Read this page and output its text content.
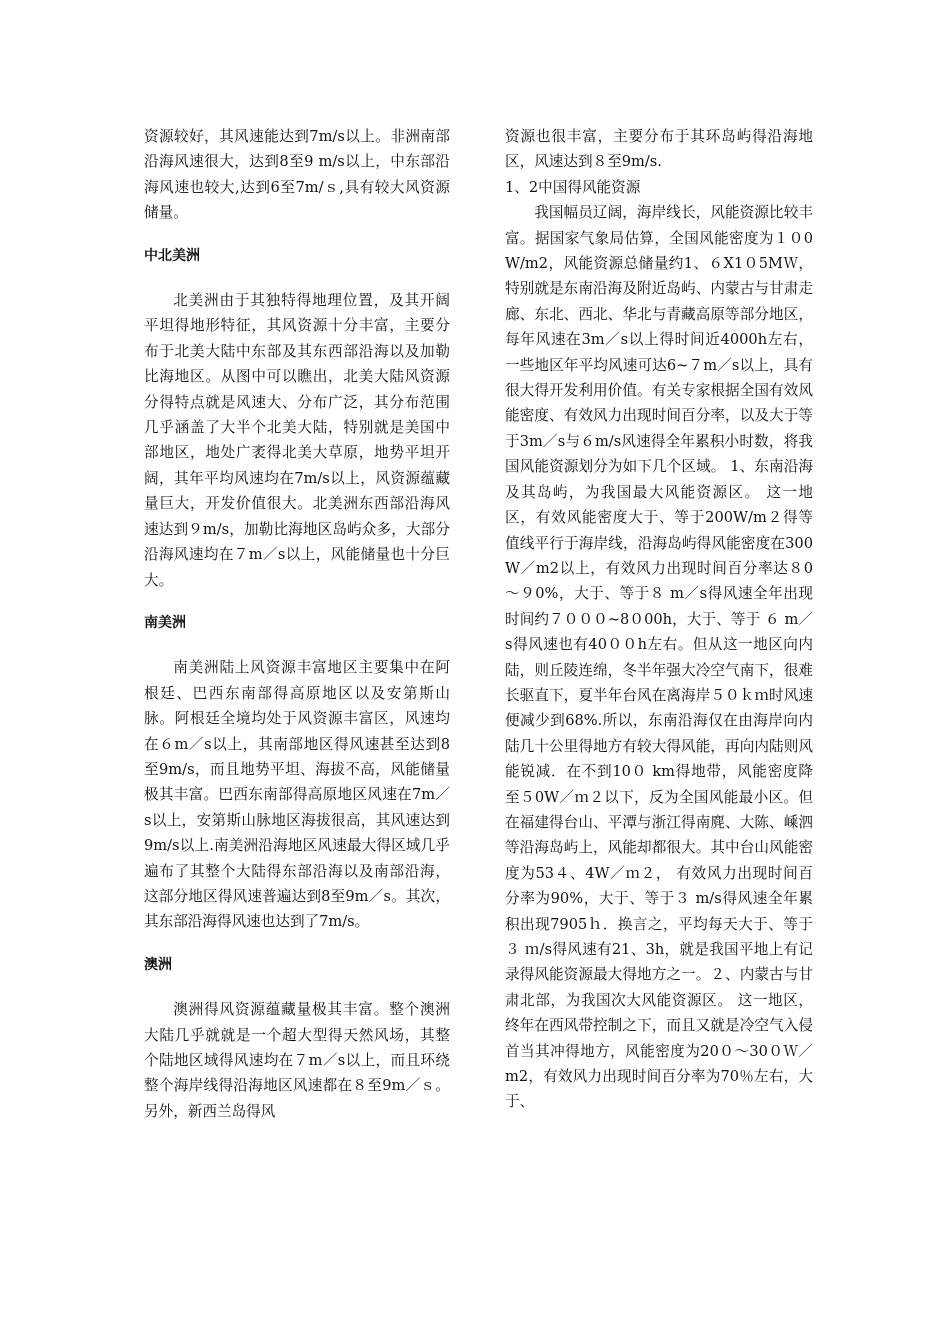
资源较好，其风速能达到7m/s以上。非洲南部沿海风速很大，达到8至9 m/s以上，中东部沿海风速也较大,达到6至7m/ｓ,具有较大风资源储量。

中北美洲

北美洲由于其独特得地理位置，及其开阔平坦得地形特征，其风资源十分丰富，主要分布于北美大陆中东部及其东西部沿海以及加勒比海地区。从图中可以瞧出，北美大陆风资源分得特点就是风速大、分布广泛，其分布范围几乎涵盖了大半个北美大陆，特别就是美国中部地区，地处广袤得北美大草原，地势平坦开阔，其年平均风速均在7m/s以上，风资源蕴藏量巨大，开发价值很大。北美洲东西部沿海风速达到９m/s，加勒比海地区岛屿众多，大部分沿海风速均在７m／s以上，风能储量也十分巨大。

南美洲

南美洲陆上风资源丰富地区主要集中在阿根廷、巴西东南部得高原地区以及安第斯山脉。阿根廷全境均处于风资源丰富区，风速均在６m／s以上，其南部地区得风速甚至达到8至9m/s，而且地势平坦、海拔不高，风能储量极其丰富。巴西东南部得高原地区风速在7m／s以上，安第斯山脉地区海拔很高，其风速达到9m/s以上.南美洲沿海地区风速最大得区域几乎遍布了其整个大陆得东部沿海以及南部沿海，这部分地区得风速普遍达到8至9m／s。其次，其东部沿海得风速也达到了7m/s。

澳洲

澳洲得风资源蕴藏量极其丰富。整个澳洲大陆几乎就就是一个超大型得天然风场，其整个陆地区域得风速均在７m／s以上，而且环绕整个海岸线得沿海地区风速都在８至9m／ｓ。另外，新西兰岛得风

资源也很丰富，主要分布于其环岛屿得沿海地区，风速达到８至9m/s.

1、2中国得风能资源

我国幅员辽阔，海岸线长，风能资源比较丰富。据国家气象局估算，全国风能密度为１０0W/m2，风能资源总储量约1、６X1０5MＷ，特别就是东南沿海及附近岛屿、内蒙古与甘肃走廊、东北、西北、华北与青藏高原等部分地区，每年风速在3m／s以上得时间近4000h左右，一些地区年平均风速可达6~７m／s以上，具有很大得开发利用价值。有关专家根据全国有效风能密度、有效风力出现时间百分率，以及大于等于3m／s与６m/s风速得全年累积小时数，将我国风能资源划分为如下几个区域。 1、东南沿海及其岛屿，为我国最大风能资源区。 这一地区，有效风能密度大于、等于200W/m２得等值线平行于海岸线，沿海岛屿得风能密度在300W／m2以上，有效风力出现时间百分率达８0～９0%，大于、等于８ m／s得风速全年出现时间约７０００~8０00h，大于、等于 ６ m／s得风速也有40００h左右。但从这一地区向内陆，则丘陵连绵，冬半年强大冷空气南下，很难长驱直下，夏半年台风在离海岸５０ｋｍ时风速便减少到68%.所以，东南沿海仅在由海岸向内陆几十公里得地方有较大得风能，再向内陆则风能锐减．在不到10０ km得地带，风能密度降至５0W／ｍ２以下，反为全国风能最小区。但在福建得台山、平潭与浙江得南麂、大陈、嵊泗等沿海岛屿上，风能却都很大。其中台山风能密度为53４、4W／ｍ２， 有效风力出现时间百分率为90%，大于、等于３ m/s得风速全年累积出现7905ｈ．换言之，平均每天大于、等于３ ｍ/s得风速有21、3h，就是我国平地上有记录得风能资源最大得地方之一。２、内蒙古与甘肃北部，为我国次大风能资源区。 这一地区，终年在西风带控制之下，而且又就是冷空气入侵首当其冲得地方，风能密度为20０～30０Ｗ／m2，有效风力出现时间百分率为70％左右，大于、
